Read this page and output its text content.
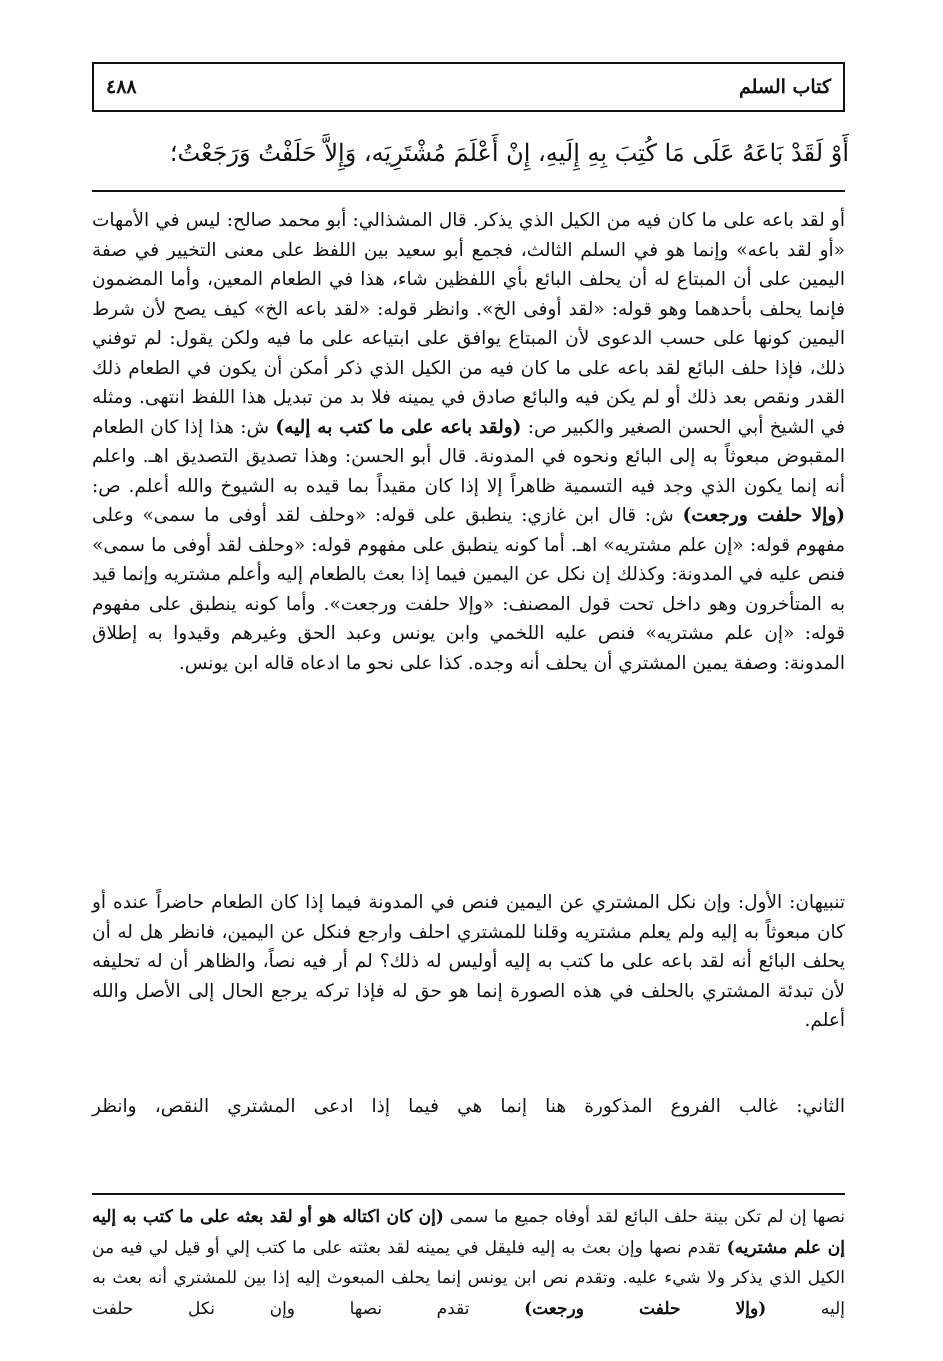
كتاب السلم
٤٨٨
أَوْ لَقَدْ بَاعَهُ عَلَى مَا كُتِبَ بِهِ إِلَيهِ، إِنْ أَعْلَمَ مُشْتَرِيَه، وَإِلاَّ حَلَفْتُ وَرَجَعْتُ؛
أو لقد باعه على ما كان فيه من الكيل الذي يذكر. قال المشذالي: أبو محمد صالح: ليس في الأمهات «أو لقد باعه» وإنما هو في السلم الثالث، فجمع أبو سعيد بين اللفظ على معنى التخيير في صفة اليمين على أن المبتاع له أن يحلف البائع بأي اللفظين شاء، هذا في الطعام المعين، وأما المضمون فإنما يحلف بأحدهما وهو قوله: «لقد أوفى الخ». وانظر قوله: «لقد باعه الخ» كيف يصح لأن شرط اليمين كونها على حسب الدعوى لأن المبتاع يوافق على ابتياعه على ما فيه ولكن يقول: لم توفني ذلك، فإذا حلف البائع لقد باعه على ما كان فيه من الكيل الذي ذكر أمكن أن يكون في الطعام ذلك القدر ونقص بعد ذلك أو لم يكن فيه والبائع صادق في يمينه فلا بد من تبديل هذا اللفظ انتهى. ومثله في الشيخ أبي الحسن الصغير والكبير ص: (ولقد باعه على ما كتب به إليه) ش: هذا إذا كان الطعام المقبوض مبعوثاً به إلى البائع ونحوه في المدونة. قال أبو الحسن: وهذا تصديق التصديق اهـ. واعلم أنه إنما يكون الذي وجد فيه التسمية ظاهراً إلا إذا كان مقيداً بما قيده به الشيوخ والله أعلم. ص: (وإلا حلفت ورجعت) ش: قال ابن غازي: ينطبق على قوله: «وحلف لقد أوفى ما سمى» وعلى مفهوم قوله: «إن علم مشتريه» اهـ. أما كونه ينطبق على مفهوم قوله: «وحلف لقد أوفى ما سمى» فنص عليه في المدونة: وكذلك إن نكل عن اليمين فيما إذا بعث بالطعام إليه وأعلم مشتريه وإنما قيد به المتأخرون وهو داخل تحت قول المصنف: «وإلا حلفت ورجعت». وأما كونه ينطبق على مفهوم قوله: «إن علم مشتريه» فنص عليه اللخمي وابن يونس وعبد الحق وغيرهم وقيدوا به إطلاق المدونة: وصفة يمين المشتري أن يحلف أنه وجده. كذا على نحو ما ادعاه قاله ابن يونس.
تنبيهان: الأول: وإن نكل المشتري عن اليمين فنص في المدونة فيما إذا كان الطعام حاضراً عنده أو كان مبعوثاً به إليه ولم يعلم مشتريه وقلنا للمشتري احلف وارجع فنكل عن اليمين، فانظر هل له أن يحلف البائع أنه لقد باعه على ما كتب به إليه أوليس له ذلك؟ لم أر فيه نصاً، والظاهر أن له تحليفه لأن تبدئة المشتري بالحلف في هذه الصورة إنما هو حق له فإذا تركه يرجع الحال إلى الأصل والله أعلم.
الثاني: غالب الفروع المذكورة هنا إنما هي فيما إذا ادعى المشتري النقص، وانظر
نصها إن لم تكن بينة حلف البائع لقد أوفاه جميع ما سمى (إن كان اكتاله هو أو لقد بعثه على ما كتب به إليه إن علم مشتريه) تقدم نصها وإن بعث به إليه فليقل في يمينه لقد بعثته على ما كتب إلي أو قيل لي فيه من الكيل الذي يذكر ولا شيء عليه. وتقدم نص ابن يونس إنما يحلف المبعوث إليه إذا بين للمشتري أنه بعث به إليه (وإلا حلفت ورجعت) تقدم نصها وإن نكل حلفت
